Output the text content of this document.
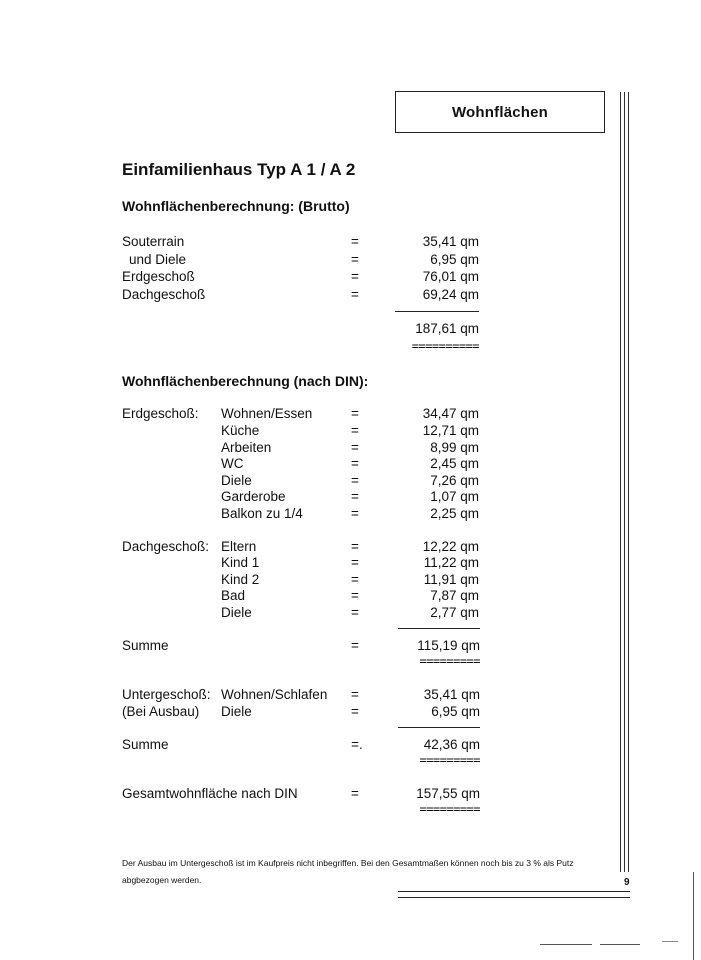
Wohnflächen
Einfamilienhaus Typ A 1 / A 2
Wohnflächenberechnung: (Brutto)
Souterrain	=	35,41 qm
und Diele	=	6,95 qm
Erdgeschoß	=	76,01 qm
Dachgeschoß	=	69,24 qm
187,61 qm
==========
Wohnflächenberechnung (nach DIN):
Erdgeschoß: Wohnen/Essen	=	34,47 qm
Küche	=	12,71 qm
Arbeiten	=	8,99 qm
WC	=	2,45 qm
Diele	=	7,26 qm
Garderobe	=	1,07 qm
Balkon zu 1/4	=	2,25 qm
Dachgeschoß: Eltern	=	12,22 qm
Kind 1	=	11,22 qm
Kind 2	=	11,91 qm
Bad	=	7,87 qm
Diele	=	2,77 qm
Summe	=	115,19 qm
=========
Untergeschoß: Wohnen/Schlafen	=	35,41 qm
(Bei Ausbau) Diele	=	6,95 qm
Summe	=.	42,36 qm
=========
Gesamtwohnfläche nach DIN	=	157,55 qm
=========
Der Ausbau im Untergeschoß ist im Kaufpreis nicht inbegriffen. Bei den Gesamtmaßen können noch bis zu 3 % als Putz abgbezogen werden.	9
